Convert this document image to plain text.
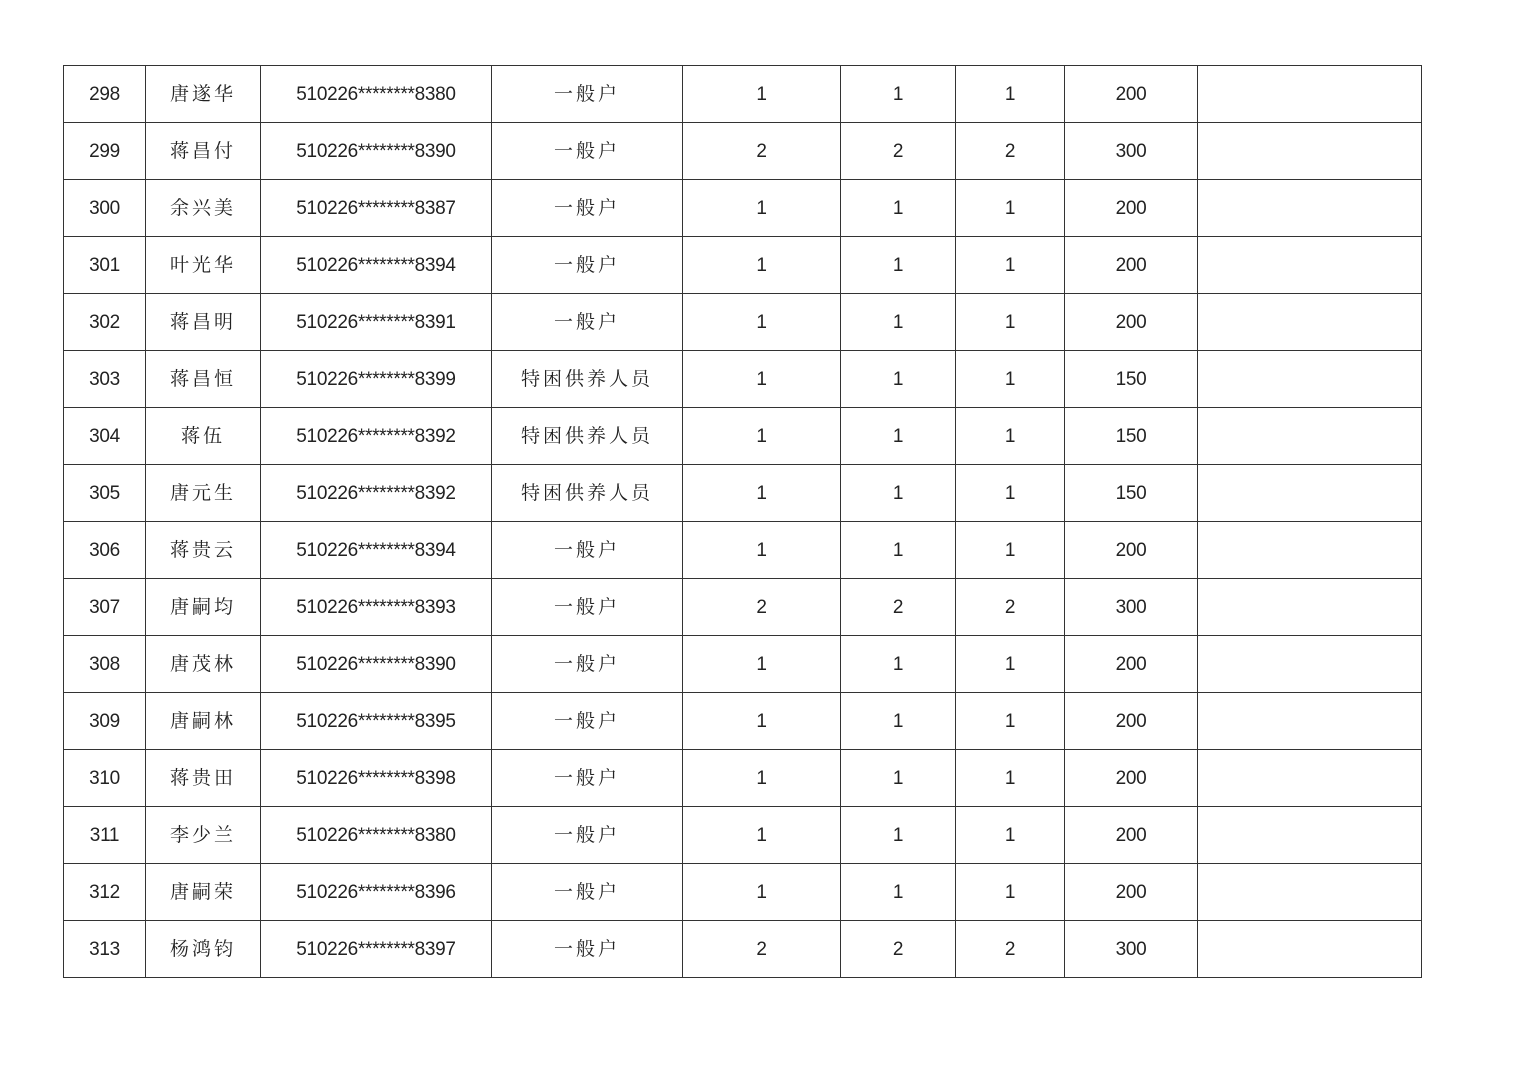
298	唐遂华	510226********8380	一般户	1	1	1	200	
299	蒋昌付	510226********8390	一般户	2	2	2	300	
300	余兴美	510226********8387	一般户	1	1	1	200	
301	叶光华	510226********8394	一般户	1	1	1	200	
302	蒋昌明	510226********8391	一般户	1	1	1	200	
303	蒋昌恒	510226********8399	特困供养人员	1	1	1	150	
304	蒋伍	510226********8392	特困供养人员	1	1	1	150	
305	唐元生	510226********8392	特困供养人员	1	1	1	150	
306	蒋贵云	510226********8394	一般户	1	1	1	200	
307	唐嗣均	510226********8393	一般户	2	2	2	300	
308	唐茂林	510226********8390	一般户	1	1	1	200	
309	唐嗣林	510226********8395	一般户	1	1	1	200	
310	蒋贵田	510226********8398	一般户	1	1	1	200	
311	李少兰	510226********8380	一般户	1	1	1	200	
312	唐嗣荣	510226********8396	一般户	1	1	1	200	
313	杨鸿钧	510226********8397	一般户	2	2	2	300	
